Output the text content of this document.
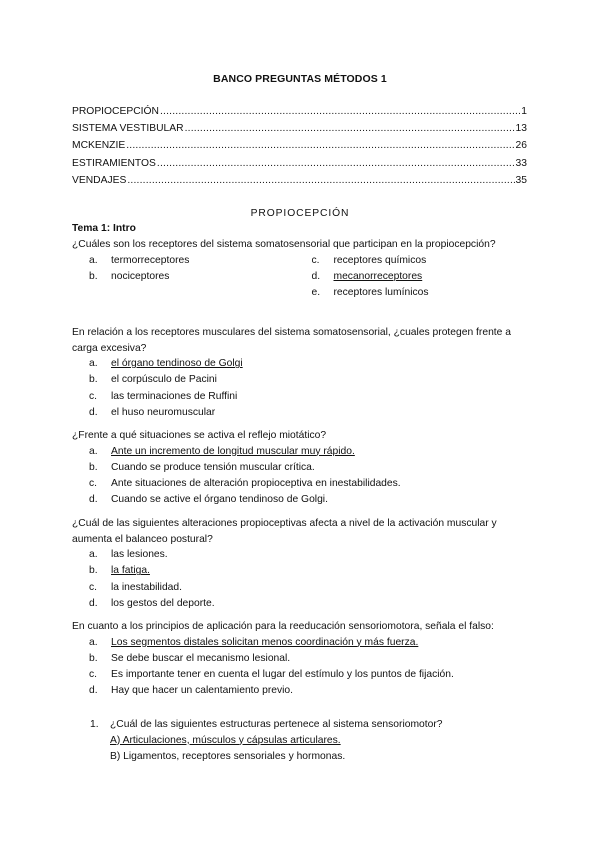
BANCO PREGUNTAS MÉTODOS 1
PROPIOCEPCIÓN .....	1
SISTEMA VESTIBULAR .....	13
MCKENZIE .....	26
ESTIRAMIENTOS .....	33
VENDAJES .....	35
PROPIOCEPCIÓN
Tema 1: Intro

¿Cuáles son los receptores del sistema somatosensorial que participan en la propiocepción?

a.	termorreceptores
b.	nociceptores
c.	receptores químicos
d.	mecanorreceptores
e.	receptores lumínicos

En relación a los receptores musculares del sistema somatosensorial, ¿cuales protegen frente a carga excesiva?

a.	el órgano tendinoso de Golgi
b.	el corpúsculo de Pacini
c.	las terminaciones de Ruffini
d.	el huso neuromuscular

¿Frente a qué situaciones se activa el reflejo miotático?

a.	Ante un incremento de longitud muscular muy rápido.
b.	Cuando se produce tensión muscular crítica.
c.	Ante situaciones de alteración propioceptiva en inestabilidades.
d.	Cuando se active el órgano tendinoso de Golgi.

¿Cuál de las siguientes alteraciones propioceptivas afecta a nivel de la activación muscular y aumenta el balanceo postural?

a.	las lesiones.
b.	la fatiga.
c.	la inestabilidad.
d.	los gestos del deporte.

En cuanto a los principios de aplicación para la reeducación sensoriomotora, señala el falso:

a.	Los segmentos distales solicitan menos coordinación y más fuerza.
b.	Se debe buscar el mecanismo lesional.
c.	Es importante tener en cuenta el lugar del estímulo y los puntos de fijación.
d.	Hay que hacer un calentamiento previo.
1.	¿Cuál de las siguientes estructuras pertenece al sistema sensoriomotor?
A) Articulaciones, músculos y cápsulas articulares.
B) Ligamentos, receptores sensoriales y hormonas.
